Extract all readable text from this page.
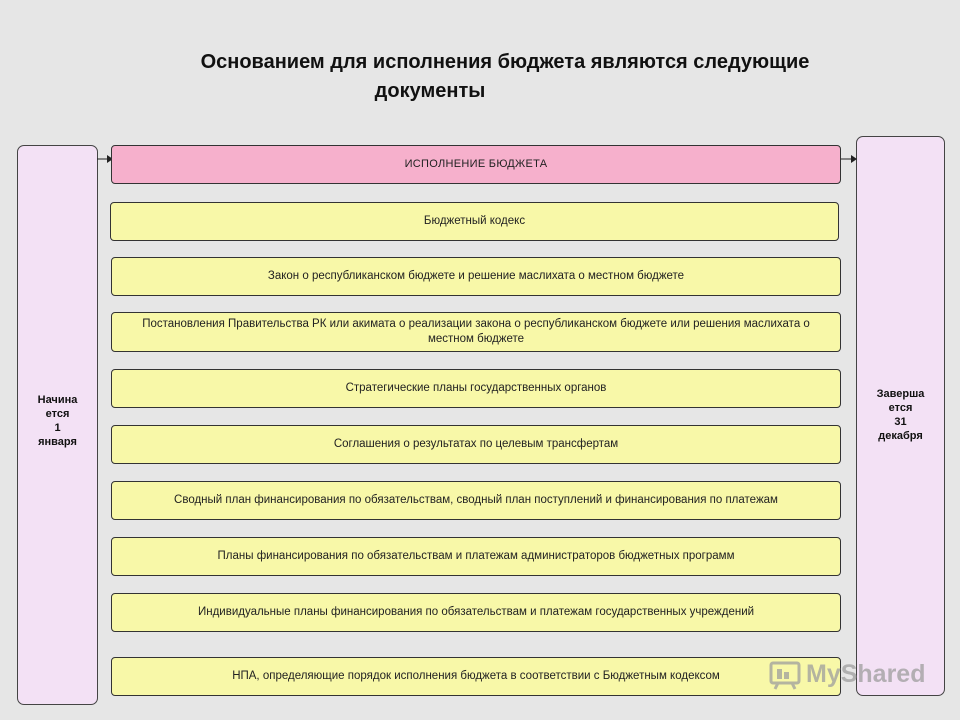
Основанием для исполнения бюджета являются следующие
документы
Начина
ется
1
января
Заверша
ется
31
декабря
ИСПОЛНЕНИЕ БЮДЖЕТА
Бюджетный кодекс
Закон о республиканском бюджете и решение маслихата о местном бюджете
Постановления Правительства РК или акимата о реализации закона о республиканском бюджете или решения маслихата о местном бюджете
Стратегические планы государственных органов
Соглашения о результатах по целевым трансфертам
Сводный план финансирования по обязательствам, сводный план поступлений и финансирования по платежам
Планы финансирования по обязательствам и платежам администраторов бюджетных программ
Индивидуальные планы финансирования по обязательствам и платежам государственных учреждений
НПА, определяющие порядок исполнения бюджета в соответствии с Бюджетным кодексом	MyShared
